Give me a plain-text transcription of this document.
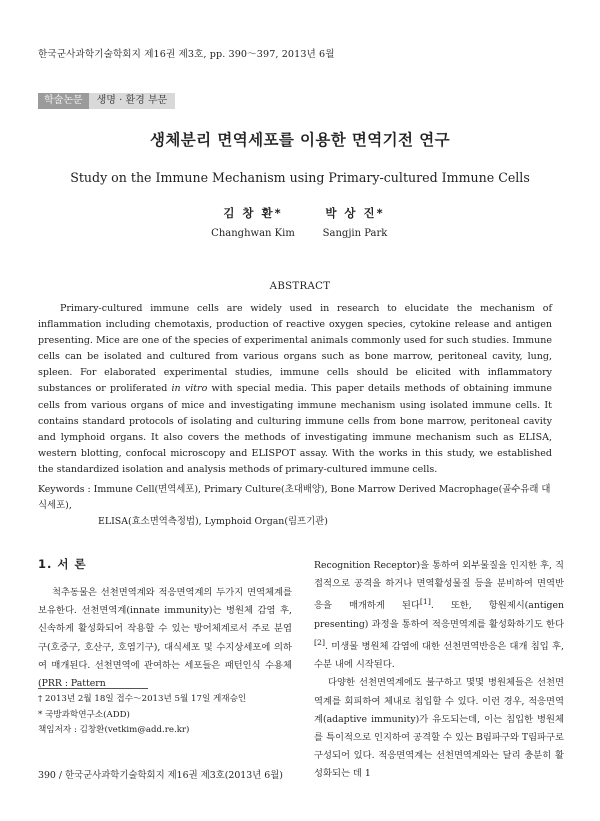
한국군사과학기술학회지 제16권 제3호, pp. 390～397, 2013년 6월
학술논문	생명 · 환경 부문
생체분리 면역세포를 이용한 면역기전 연구
Study on the Immune Mechanism using Primary-cultured Immune Cells
김 창 환*	박 상 진*
Changhwan Kim	Sangjin Park
ABSTRACT
Primary-cultured immune cells are widely used in research to elucidate the mechanism of inflammation including chemotaxis, production of reactive oxygen species, cytokine release and antigen presenting. Mice are one of the species of experimental animals commonly used for such studies. Immune cells can be isolated and cultured from various organs such as bone marrow, peritoneal cavity, lung, spleen. For elaborated experimental studies, immune cells should be elicited with inflammatory substances or proliferated in vitro with special media. This paper details methods of obtaining immune cells from various organs of mice and investigating immune mechanism using isolated immune cells. It contains standard protocols of isolating and culturing immune cells from bone marrow, peritoneal cavity and lymphoid organs. It also covers the methods of investigating immune mechanism such as ELISA, western blotting, confocal microscopy and ELISPOT assay. With the works in this study, we established the standardized isolation and analysis methods of primary-cultured immune cells.
Keywords : Immune Cell(면역세포), Primary Culture(초대배양), Bone Marrow Derived Macrophage(골수유래 대식세포),
ELISA(효소면역측정법), Lymphoid Organ(림프기관)
1. 서 론
척추동물은 선천면역계와 적응면역계의 두가지 면역체계를 보유한다. 선천면역계(innate immunity)는 병원체 감염 후, 신속하게 활성화되어 작용할 수 있는 방어체계로서 주로 분엽구(호중구, 호산구, 호염기구), 대식세포 및 수지상세포에 의하여 매개된다. 선천면역에 관여하는 세포들은 패턴인식 수용체(PRR : Pattern

Recognition Receptor)을 통하여 외부물질을 인지한 후, 직접적으로 공격을 하거나 면역활성물질 등을 분비하여 면역반응을 매개하게 된다[1]. 또한, 항원제시(antigen presenting) 과정을 통하여 적응면역계를 활성화하기도 한다[2]. 미생물 병원체 감염에 대한 선천면역반응은 대개 침입 후, 수분 내에 시작된다.

다양한 선천면역계에도 불구하고 몇몇 병원체들은 선천면역계를 회피하여 체내로 침입할 수 있다. 이런 경우, 적응면역계(adaptive immunity)가 유도되는데, 이는 침입한 병원체를 특이적으로 인지하여 공격할 수 있는 B림파구와 T림파구로 구성되어 있다. 적응면역계는 선천면역계와는 달리 충분히 활성화되는 데 1

† 2013년 2월 18일 접수～2013년 5월 17일 게재승인
* 국방과학연구소(ADD)
책임저자 : 김창환(vetkim@add.re.kr)
390 / 한국군사과학기술학회지 제16권 제3호(2013년 6월)
